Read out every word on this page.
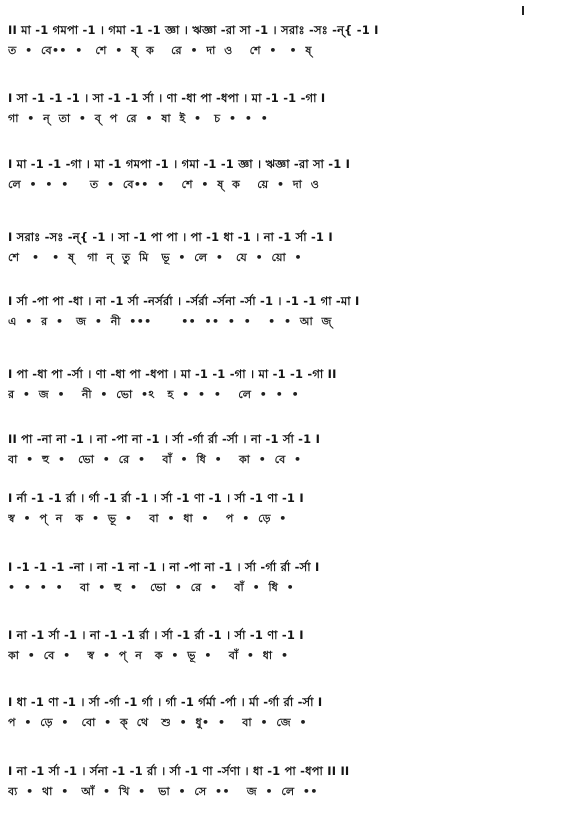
II মা -1 গমপা -1 । গমা -1 -1 জ্ঞা । ঋজ্ঞা -রা সা -1 । সরাঃ -সঃ -ন্{ -1 I
ত  •  বে••  •   শে  •  ষ্  ক    রে  •  দা  ও    শে  •   •  ষ্
I সা -1 -1 -1 । সা -1 -1 র্সা । ণা -ধা পা -ধপা । মা -1 -1 -গা I
গা  •  ন্  তা  •  ব্  প  রে  •  ষা  ই  •   চ  •  •  •
I মা -1 -1 -গা । মা -1 গমপা -1 । গমা -1 -1 জ্ঞা । ঋজ্ঞা -রা সা -1 I
লে  •  •  •     ত  •  বে••  •    শে  •  ষ্  ক    য়ে  •  দা  ও
I সরাঃ -সঃ -ন্{ -1 । সা -1 পা পা । পা -1 ধা -1 । না -1 র্সা -1 I
শে   •   •  ষ্   গা  ন্  তু  মি   ভূ  •  লে  •   যে  •  য়ো  •
I র্সা -পা পা -ধা । না -1 র্সা -নর্সর্রা । -র্সর্রা -র্সনা -র্সা -1 । -1 -1 গা -মা I
এ  •  র  •   জ  •  নী  •••       ••  ••  •  •    •  •  আ  জ্
I পা -ধা পা -র্সা । ণা -ধা পা -ধপা । মা -1 -1 -গা । মা -1 -1 -গা II
র  •  জ  •    নী  •  ভো  •ঽ   হ  •  •  •    লে  •  •  •
II পা -না না -1 । না -পা না -1 । র্সা -র্গা র্রা -র্সা । না -1 র্সা -1 I
বা  •  হু  •   ভো  •  রে  •    বাঁ  •  ধি  •    কা  •  বে  •
I র্না -1 -1 র্রা । র্গা -1 র্রা -1 । র্সা -1 ণা -1 । র্সা -1 ণা -1 I
স্ব  •  প্  ন   ক  •  ভূ  •    বা  •  ধা  •    প  •  ড়ে  •
I -1 -1 -1 -না । না -1 না -1 । না -পা না -1 । র্সা -র্গা র্রা -র্সা I
•  •  •  •    বা  •  হু  •   ভো  •  রে  •    বাঁ  •  ধি  •
I না -1 র্সা -1 । না -1 -1 র্রা । র্সা -1 র্রা -1 । র্সা -1 ণা -1 I
কা  •  বে  •    স্ব  •  প্  ন   ক  •  ভূ  •    বাঁ  •  ধা  •
I ধা -1 ণা -1 । র্সা -র্গা -1 র্গা । র্গা -1 র্গর্মা -র্পা । র্মা -র্গা র্রা -র্সা I
প  •  ড়ে  •   বো  •  ক্  থে   শু  •  ধু•  •    বা  •  জে  •
I না -1 র্সা -1 । র্সনা -1 -1 র্রা । র্সা -1 ণা -র্সণা । ধা -1 পা -ধপা II II
ব্য  •  থা  •   আঁ  •  খি  •   ভা  •  সে  ••    জ  •  লে  ••
